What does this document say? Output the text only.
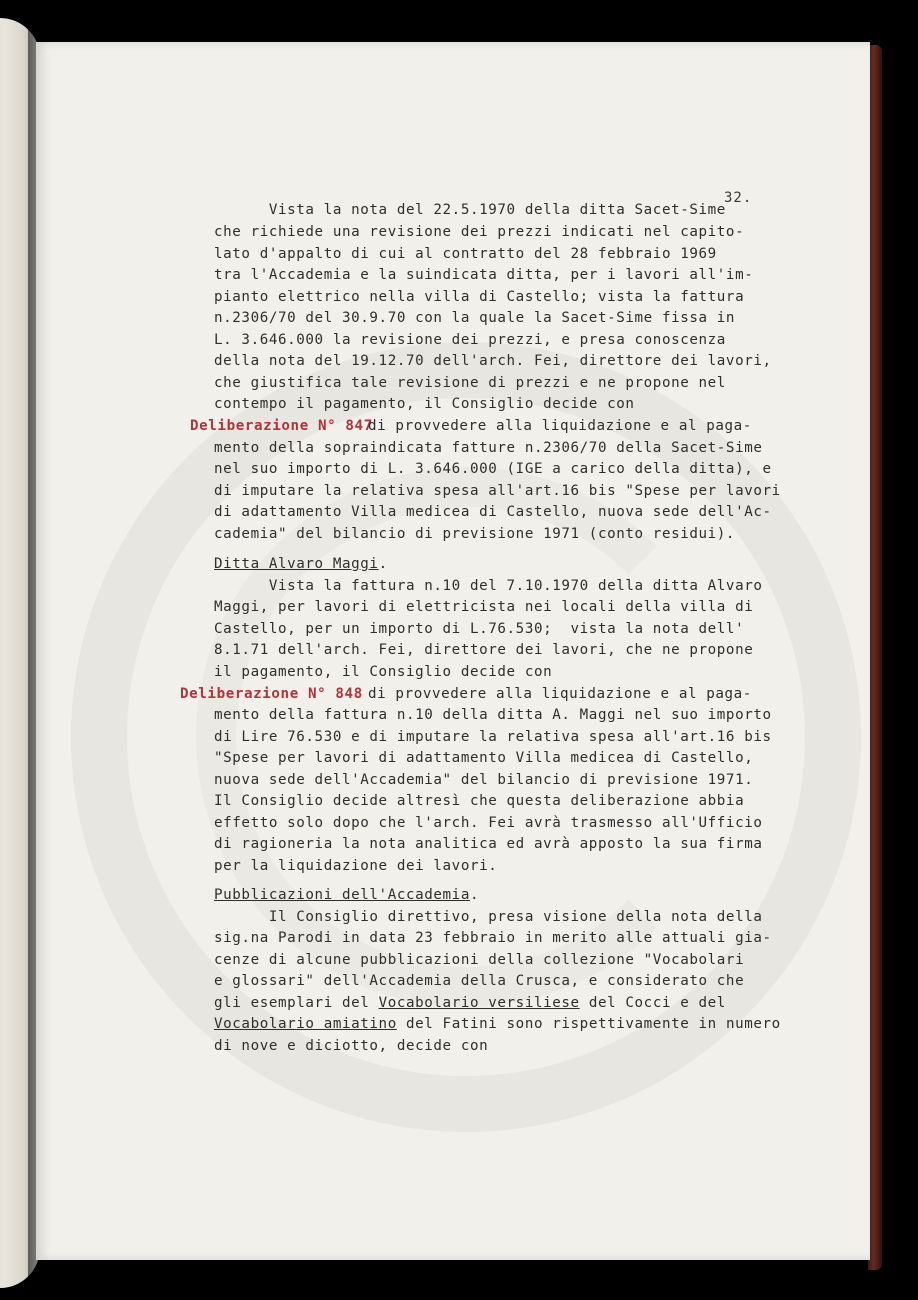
32.
Vista la nota del 22.5.1970 della ditta Sacet-Sime
che richiede una revisione dei prezzi indicati nel capito-
lato d'appalto di cui al contratto del 28 febbraio 1969
tra l'Accademia e la suindicata ditta, per i lavori all'im-
pianto elettrico nella villa di Castello; vista la fattura
n.2306/70 del 30.9.70 con la quale la Sacet-Sime fissa in
L. 3.646.000 la revisione dei prezzi, e presa conoscenza
della nota del 19.12.70 dell'arch. Fei, direttore dei lavori,
che giustifica tale revisione di prezzi e ne propone nel
contempo il pagamento, il Consiglio decide con
Deliberazione N° 847
di provvedere alla liquidazione e al paga-
mento della sopraindicata fatture n.2306/70 della Sacet-Sime
nel suo importo di L. 3.646.000 (IGE a carico della ditta), e
di imputare la relativa spesa all'art.16 bis "Spese per lavori
di adattamento Villa medicea di Castello, nuova sede dell'Ac-
cademia" del bilancio di previsione 1971 (conto residui).
Ditta Alvaro Maggi.
Vista la fattura n.10 del 7.10.1970 della ditta Alvaro
Maggi, per lavori di elettricista nei locali della villa di
Castello, per un importo di L.76.530;  vista la nota dell'
8.1.71 dell'arch. Fei, direttore dei lavori, che ne propone
il pagamento, il Consiglio decide con
Deliberazione N° 848 di provvedere alla liquidazione e al paga-
mento della fattura n.10 della ditta A. Maggi nel suo importo
di Lire 76.530 e di imputare la relativa spesa all'art.16 bis
"Spese per lavori di adattamento Villa medicea di Castello,
nuova sede dell'Accademia" del bilancio di previsione 1971.
Il Consiglio decide altresì che questa deliberazione abbia
effetto solo dopo che l'arch. Fei avrà trasmesso all'Ufficio
di ragioneria la nota analitica ed avrà apposto la sua firma
per la liquidazione dei lavori.
Pubblicazioni dell'Accademia.
Il Consiglio direttivo, presa visione della nota della
sig.na Parodi in data 23 febbraio in merito alle attuali gia-
cenze di alcune pubblicazioni della collezione "Vocabolari
e glossari" dell'Accademia della Crusca, e considerato che
gli esemplari del Vocabolario versiliese del Cocci e del
Vocabolario amiatino del Fatini sono rispettivamente in numero
di nove e diciotto, decide con
